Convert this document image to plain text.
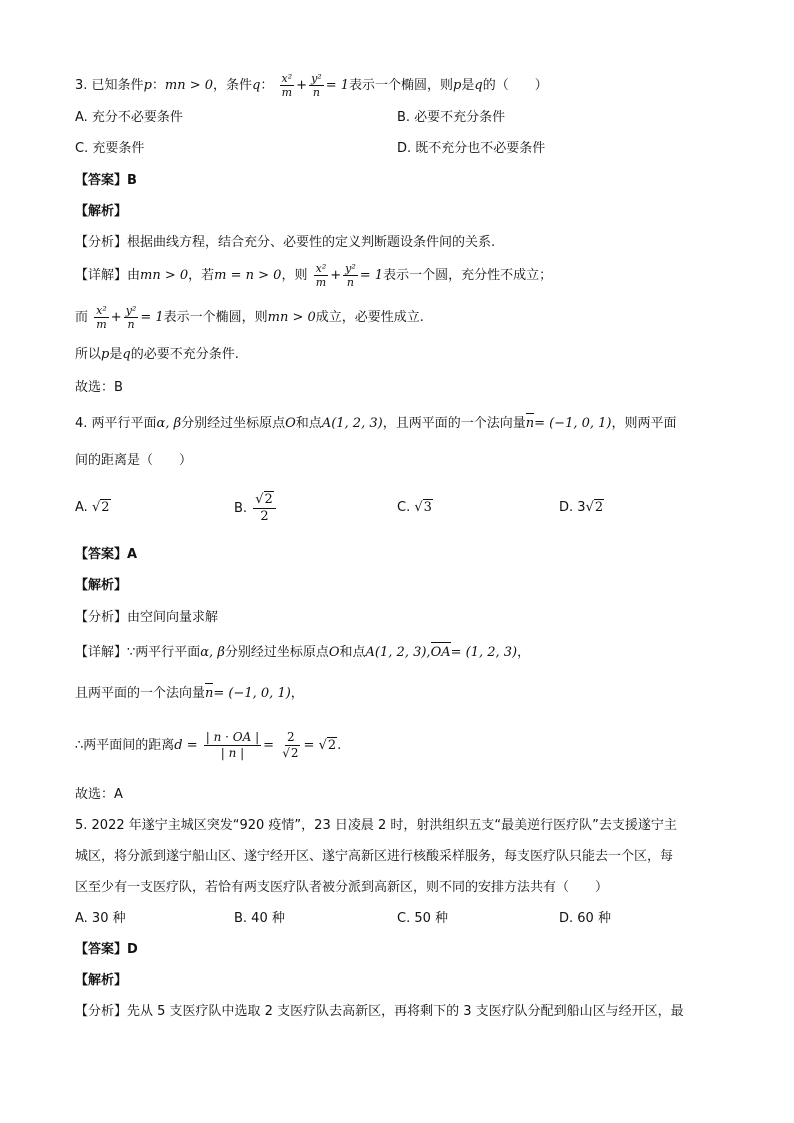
3. 已知条件p：mn > 0，条件q： $\frac{\text{x²}}{m} + \frac{\text{y²}}{n} = 1$表示一个椭圆，则p是q的（　　）
A. 充分不必要条件	B. 必要不充分条件
C. 充要条件	D. 既不充分也不必要条件
【答案】B
【解析】
【分析】根据曲线方程，结合充分、必要性的定义判断题设条件间的关系.
【详解】由mn > 0，若m = n > 0，则 $\frac{\text{x²}}{m} + \frac{\text{y²}}{n} = 1$表示一个圆，充分性不成立；
而 $\frac{\text{x²}}{m} + \frac{\text{y²}}{n} = 1$表示一个椭圆，则mn > 0成立，必要性成立.
所以p是q的必要不充分条件.
故选：B
4. 两平行平面α, β分别经过坐标原点O和点A(1, 2, 3)，且两平面的一个法向量n= (−1, 0, 1)，则两平面
间的距离是（　　）
A. √2	B. $\frac{√2}{2}$	C. √3	D. 3√2
【答案】A
【解析】
【分析】由空间向量求解
【详解】∵两平行平面α, β分别经过坐标原点O和点A(1, 2, 3),OA= (1, 2, 3)，
且两平面的一个法向量n= (−1, 0, 1)，
∴两平面间的距离$d = \frac{| n \cdot OA |}{| n |} = \frac{2}{√2} = √2$.
故选：A
5. 2022 年遂宁主城区突发“920 疫情”，23 日凌晨 2 时，射洪组织五支“最美逆行医疗队”去支援遂宁主
城区，将分派到遂宁船山区、遂宁经开区、遂宁高新区进行核酸采样服务，每支医疗队只能去一个区，每
区至少有一支医疗队，若恰有两支医疗队者被分派到高新区，则不同的安排方法共有（　　）
A. 30 种	B. 40 种	C. 50 种	D. 60 种
【答案】D
【解析】
【分析】先从 5 支医疗队中选取 2 支医疗队去高新区，再将剩下的 3 支医疗队分配到船山区与经开区，最
